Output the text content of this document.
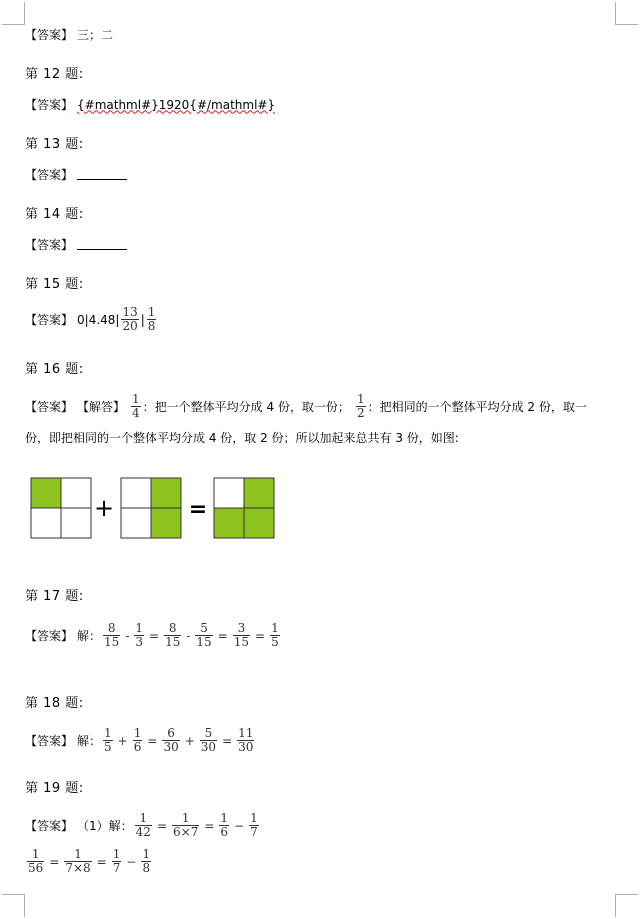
【答案】 三；二
第 12 题:
【答案】 {#mathml#}1920{#/mathml#}
第 13 题:
【答案】
第 14 题:
【答案】
第 15 题:
【答案】 $0|4.48| \frac{13}{20}$ | $\frac{1}{8}$
第 16 题:
【答案】 【解答】 $\frac{1}{4}$ ：把一个整体平均分成 4 份，取一份； $\frac{1}{2}$ ：把相同的一个整体平均分成 2 份，取一
份，即把相同的一个整体平均分成 4 份，取 2 份；所以加起来总共有 3 份，如图:
+	=
第 17 题:
【答案】 解： $\frac{8}{15} - \frac{1}{3} = \frac{8}{15} - \frac{5}{15} = \frac{3}{15} = \frac{1}{5}$
第 18 题:
【答案】 解： $\frac{1}{5} + \frac{1}{6} = \frac{6}{30} + \frac{5}{30} = \frac{11}{30}$
第 19 题:
【答案】 （1）解： $\frac{1}{42} = \frac{1}{6\times 7} = \frac{1}{6} - \frac{1}{7}$
$\frac{1}{56} = \frac{1}{7\times 8} = \frac{1}{7} - \frac{1}{8}$
